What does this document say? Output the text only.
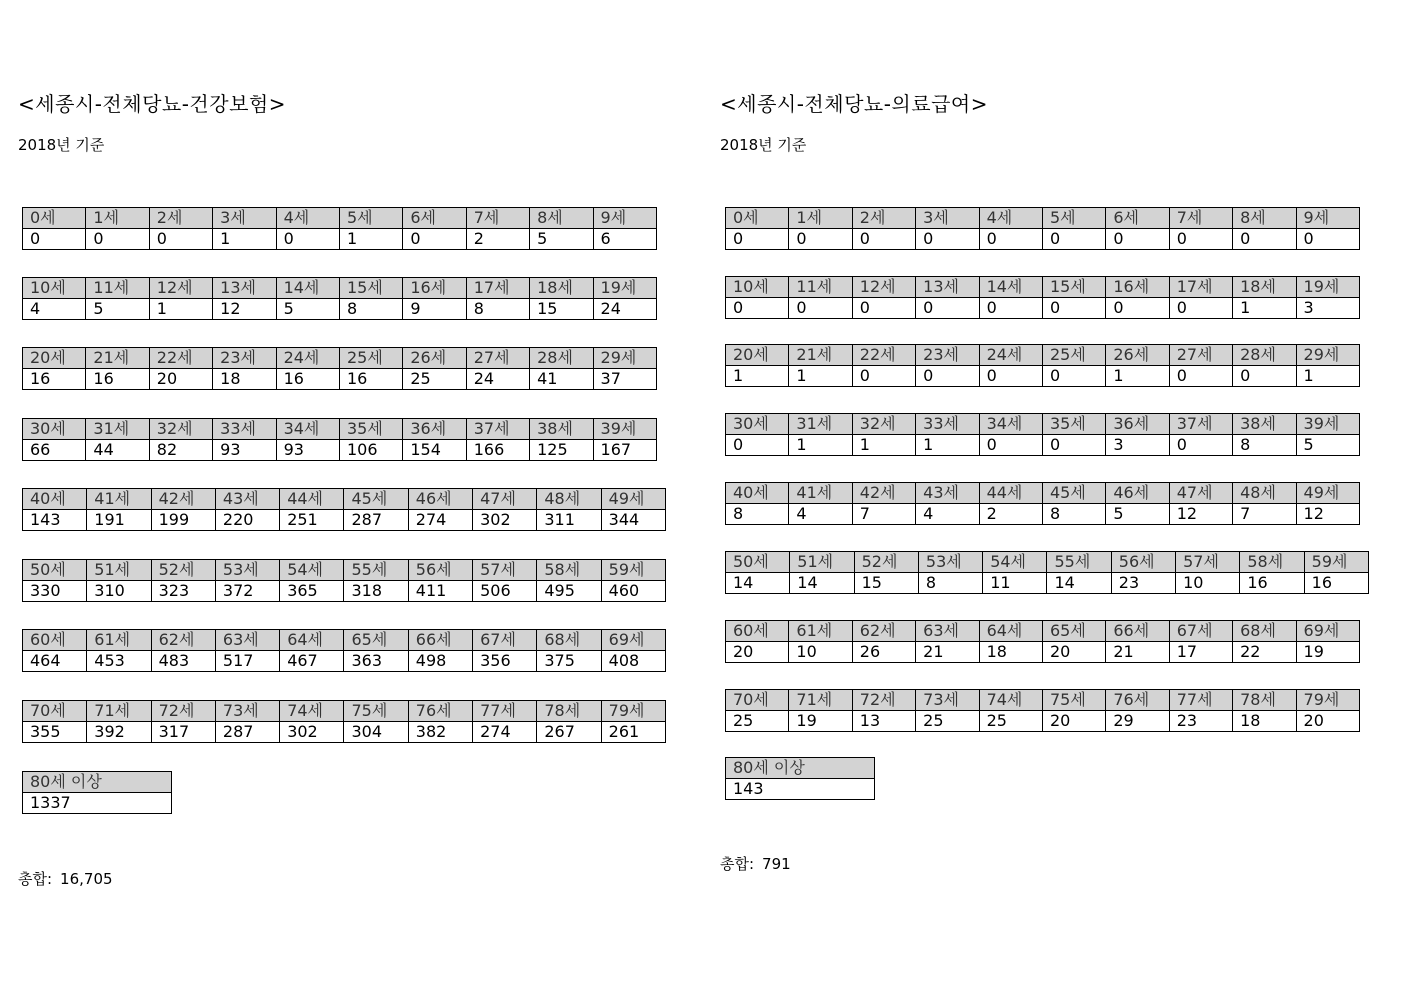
<세종시-전체당뇨-건강보험>
2018년 기준
0세	1세	2세	3세	4세	5세	6세	7세	8세	9세
0	0	0	1	0	1	0	2	5	6
10세	11세	12세	13세	14세	15세	16세	17세	18세	19세
4	5	1	12	5	8	9	8	15	24
20세	21세	22세	23세	24세	25세	26세	27세	28세	29세
16	16	20	18	16	16	25	24	41	37
30세	31세	32세	33세	34세	35세	36세	37세	38세	39세
66	44	82	93	93	106	154	166	125	167
40세	41세	42세	43세	44세	45세	46세	47세	48세	49세
143	191	199	220	251	287	274	302	311	344
50세	51세	52세	53세	54세	55세	56세	57세	58세	59세
330	310	323	372	365	318	411	506	495	460
60세	61세	62세	63세	64세	65세	66세	67세	68세	69세
464	453	483	517	467	363	498	356	375	408
70세	71세	72세	73세	74세	75세	76세	77세	78세	79세
355	392	317	287	302	304	382	274	267	261
80세 이상
1337
총합: 16,705
<세종시-전체당뇨-의료급여>
2018년 기준
0세	1세	2세	3세	4세	5세	6세	7세	8세	9세
0	0	0	0	0	0	0	0	0	0
10세	11세	12세	13세	14세	15세	16세	17세	18세	19세
0	0	0	0	0	0	0	0	1	3
20세	21세	22세	23세	24세	25세	26세	27세	28세	29세
1	1	0	0	0	0	1	0	0	1
30세	31세	32세	33세	34세	35세	36세	37세	38세	39세
0	1	1	1	0	0	3	0	8	5
40세	41세	42세	43세	44세	45세	46세	47세	48세	49세
8	4	7	4	2	8	5	12	7	12
50세	51세	52세	53세	54세	55세	56세	57세	58세	59세
14	14	15	8	11	14	23	10	16	16
60세	61세	62세	63세	64세	65세	66세	67세	68세	69세
20	10	26	21	18	20	21	17	22	19
70세	71세	72세	73세	74세	75세	76세	77세	78세	79세
25	19	13	25	25	20	29	23	18	20
80세 이상
143
총합: 791
